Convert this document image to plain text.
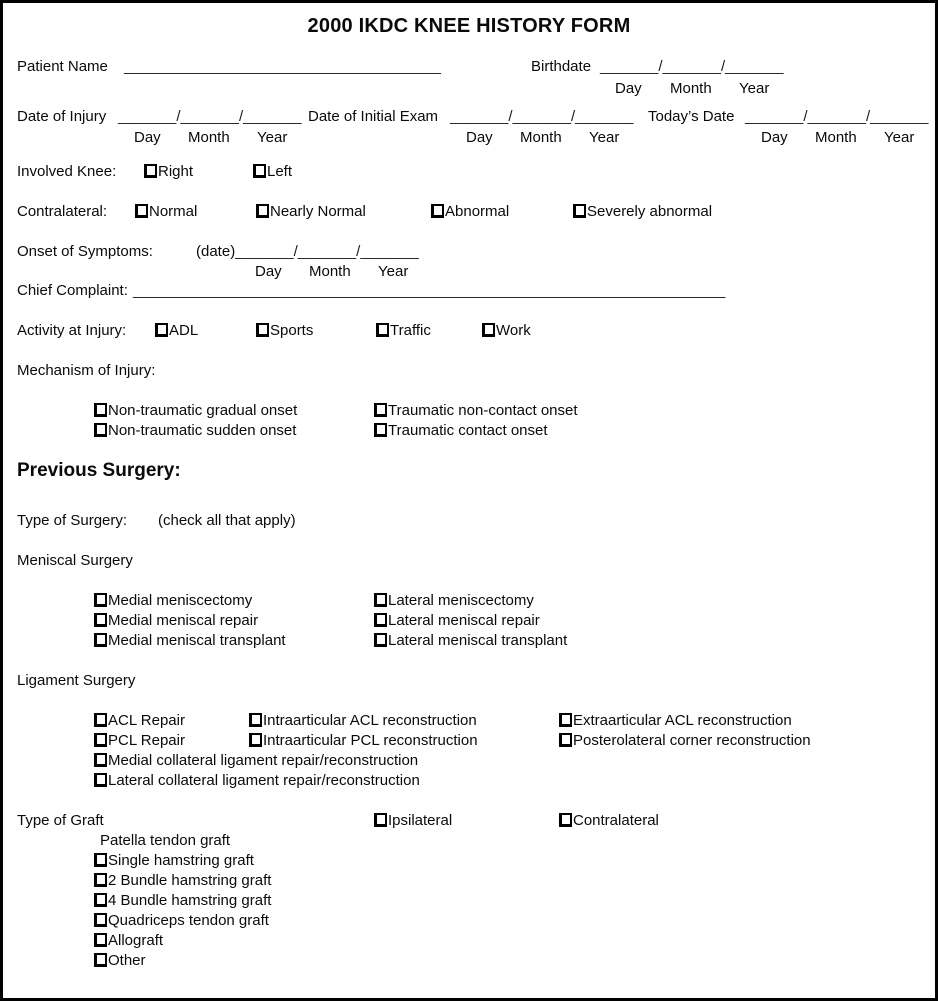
2000 IKDC KNEE HISTORY FORM
Patient Name ______________________________________	Birthdate _______/_______/_______
Day Month Year
Date of Injury _______/_______/_______ Date of Initial Exam _______/_______/_______ Today’s Date _______/_______/_______
Day Month Year	Day Month Year	Day Month Year
Involved Knee:	Right	Left
Contralateral:	Normal	Nearly Normal	Abnormal	Severely abnormal
Onset of Symptoms:	(date)_______/_______/_______
Day Month Year
Chief Complaint: _______________________________________________________________________
Activity at Injury:	ADL	Sports	Traffic	Work
Mechanism of Injury:
Non-traumatic gradual onset	Traumatic non-contact onset
Non-traumatic sudden onset	Traumatic contact onset
Previous Surgery:
Type of Surgery: (check all that apply)
Meniscal Surgery
Medial meniscectomy	Lateral meniscectomy
Medial meniscal repair	Lateral meniscal repair
Medial meniscal transplant	Lateral meniscal transplant
Ligament Surgery
ACL Repair	Intraarticular ACL reconstruction	Extraarticular ACL reconstruction
PCL Repair	Intraarticular PCL reconstruction	Posterolateral corner reconstruction
Medial collateral ligament repair/reconstruction
Lateral collateral ligament repair/reconstruction
Type of Graft	Ipsilateral	Contralateral
Patella tendon graft
Single hamstring graft
2 Bundle hamstring graft
4 Bundle hamstring graft
Quadriceps tendon graft
Allograft
Other
